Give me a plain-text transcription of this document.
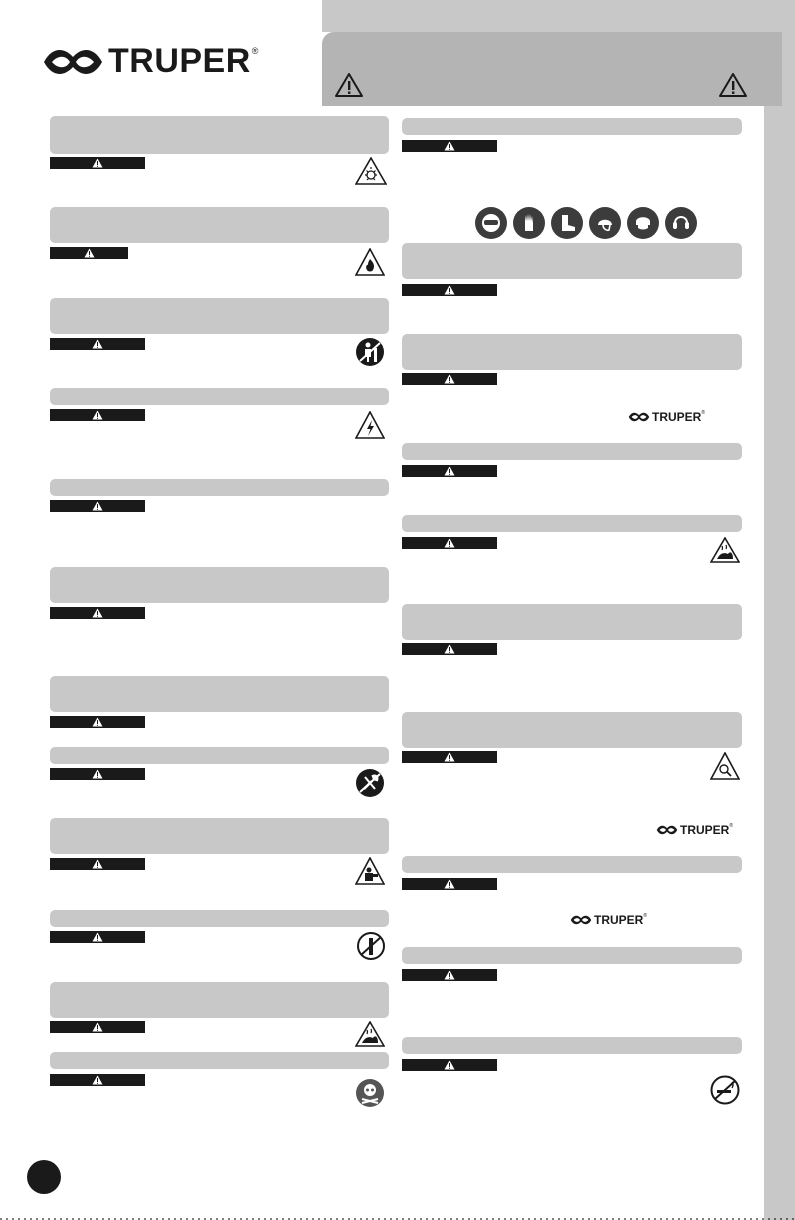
TRUPER ®
TRUPER ®
TRUPER ®
TRUPER ®
